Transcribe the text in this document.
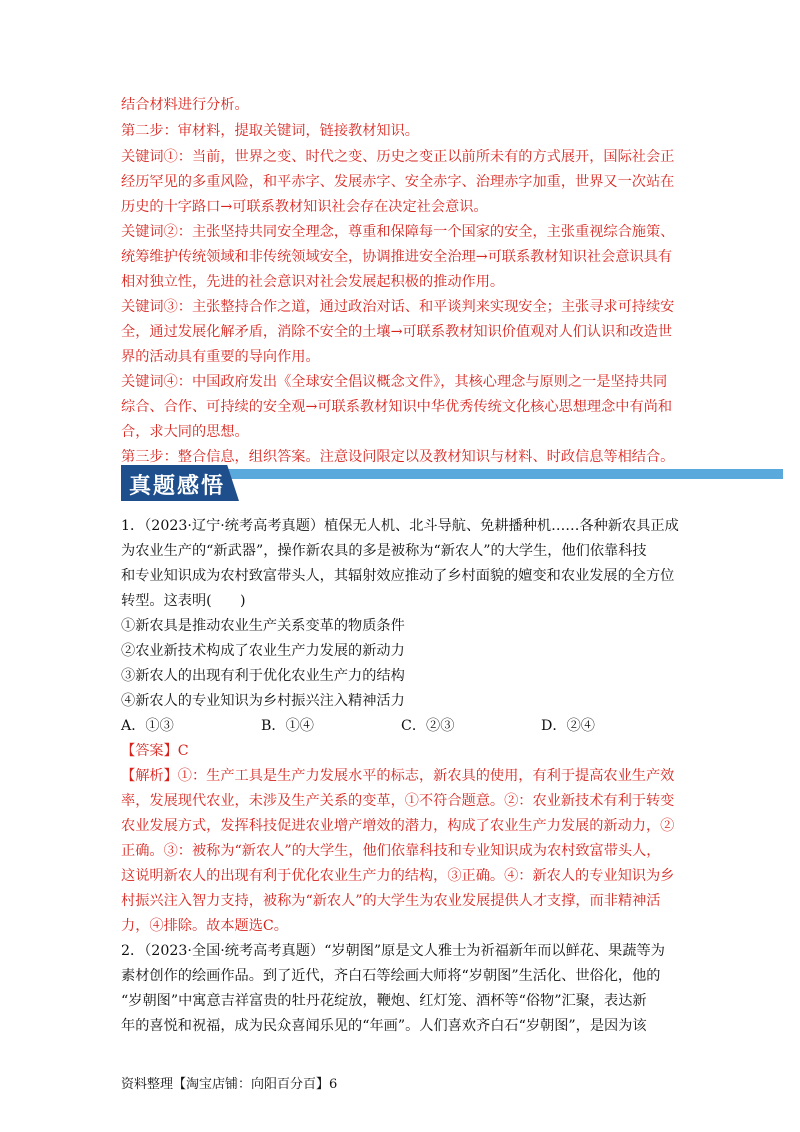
结合材料进行分析。
第二步：审材料，提取关键词，链接教材知识。
关键词①：当前，世界之变、时代之变、历史之变正以前所未有的方式展开，国际社会正
经历罕见的多重风险，和平赤字、发展赤字、安全赤字、治理赤字加重，世界又一次站在
历史的十字路口→可联系教材知识社会存在决定社会意识。
关键词②：主张坚持共同安全理念，尊重和保障每一个国家的安全，主张重视综合施策、
统筹维护传统领域和非传统领域安全，协调推进安全治理→可联系教材知识社会意识具有
相对独立性，先进的社会意识对社会发展起积极的推动作用。
关键词③：主张整持合作之道，通过政治对话、和平谈判来实现安全；主张寻求可持续安
全，通过发展化解矛盾，消除不安全的土壤→可联系教材知识价值观对人们认识和改造世
界的活动具有重要的导向作用。
关键词④：中国政府发出《全球安全倡议概念文件》，其核心理念与原则之一是坚持共同
综合、合作、可持续的安全观→可联系教材知识中华优秀传统文化核心思想理念中有尚和
合，求大同的思想。
第三步：整合信息，组织答案。注意设问限定以及教材知识与材料、时政信息等相结合。
真题感悟
1．（2023·辽宁·统考高考真题）植保无人机、北斗导航、免耕播种机……各种新农具正成
为农业生产的“新武器”，操作新农具的多是被称为“新农人”的大学生，他们依靠科技
和专业知识成为农村致富带头人，其辐射效应推动了乡村面貌的嬗变和农业发展的全方位
转型。这表明(　　)
①新农具是推动农业生产关系变革的物质条件
②农业新技术构成了农业生产力发展的新动力
③新农人的出现有利于优化农业生产力的结构
④新农人的专业知识为乡村振兴注入精神活力
A．①③	B．①④	C．②③	D．②④
【答案】C
【解析】①：生产工具是生产力发展水平的标志，新农具的使用，有利于提高农业生产效
率，发展现代农业，未涉及生产关系的变革，①不符合题意。②：农业新技术有利于转变
农业发展方式，发挥科技促进农业增产增效的潜力，构成了农业生产力发展的新动力，②
正确。③：被称为“新农人”的大学生，他们依靠科技和专业知识成为农村致富带头人，
这说明新农人的出现有利于优化农业生产力的结构，③正确。④：新农人的专业知识为乡
村振兴注入智力支持，被称为“新农人”的大学生为农业发展提供人才支撑，而非精神活
力，④排除。故本题选C。
2．（2023·全国·统考高考真题）“岁朝图”原是文人雅士为祈福新年而以鲜花、果蔬等为
素材创作的绘画作品。到了近代，齐白石等绘画大师将“岁朝图”生活化、世俗化，他的
“岁朝图”中寓意吉祥富贵的牡丹花绽放，鞭炮、红灯笼、酒杯等“俗物”汇聚，表达新
年的喜悦和祝福，成为民众喜闻乐见的“年画”。人们喜欢齐白石“岁朝图”，是因为该
资料整理【淘宝店铺：向阳百分百】6
